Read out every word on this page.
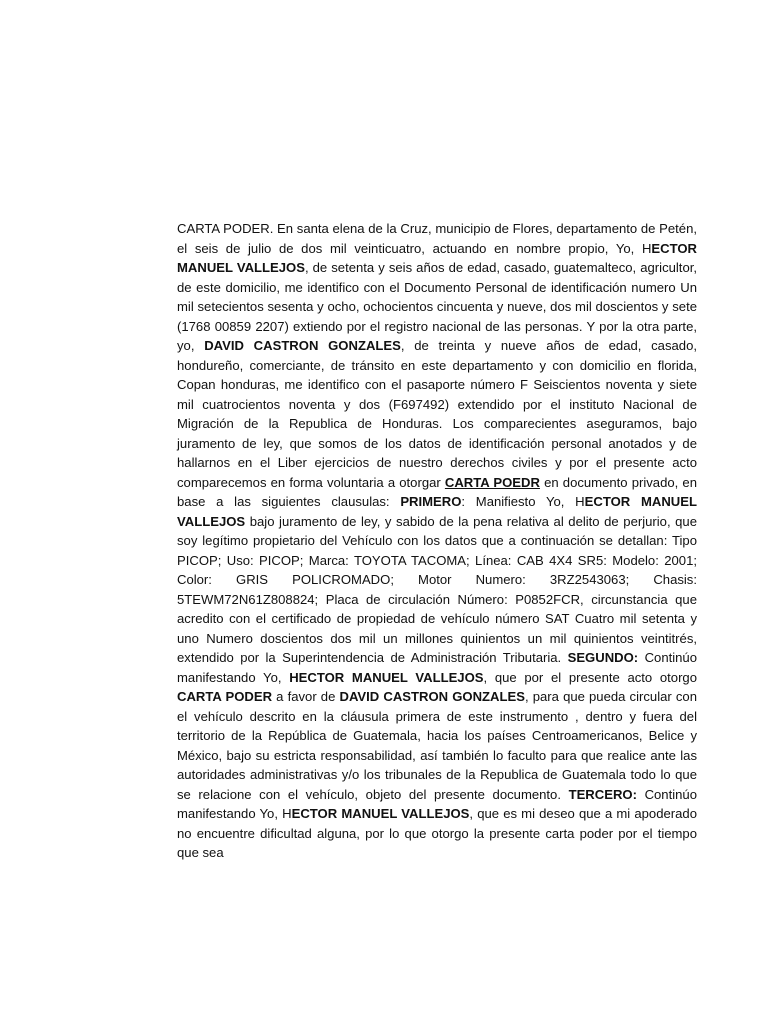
CARTA PODER. En santa elena de la Cruz, municipio de Flores, departamento de Petén, el seis de julio de dos mil veinticuatro, actuando en nombre propio, Yo, HECTOR MANUEL VALLEJOS, de setenta y seis años de edad, casado, guatemalteco, agricultor, de este domicilio, me identifico con el Documento Personal de identificación numero Un mil setecientos sesenta y ocho, ochocientos cincuenta y nueve, dos mil doscientos y sete (1768 00859 2207) extiendo por el registro nacional de las personas. Y por la otra parte, yo, DAVID CASTRON GONZALES, de treinta y nueve años de edad, casado, hondureño, comerciante, de tránsito en este departamento y con domicilio en florida, Copan honduras, me identifico con el pasaporte número F Seiscientos noventa y siete mil cuatrocientos noventa y dos (F697492) extendido por el instituto Nacional de Migración de la Republica de Honduras. Los comparecientes aseguramos, bajo juramento de ley, que somos de los datos de identificación personal anotados y de hallarnos en el Liber ejercicios de nuestro derechos civiles y por el presente acto comparecemos en forma voluntaria a otorgar CARTA POEDR en documento privado, en base a las siguientes clausulas: PRIMERO: Manifiesto Yo, HECTOR MANUEL VALLEJOS bajo juramento de ley, y sabido de la pena relativa al delito de perjurio, que soy legítimo propietario del Vehículo con los datos que a continuación se detallan: Tipo PICOP; Uso: PICOP; Marca: TOYOTA TACOMA; Línea: CAB 4X4 SR5: Modelo: 2001; Color: GRIS POLICROMADO; Motor Numero: 3RZ2543063; Chasis: 5TEWM72N61Z808824; Placa de circulación Número: P0852FCR, circunstancia que acredito con el certificado de propiedad de vehículo número SAT Cuatro mil setenta y uno Numero doscientos dos mil un millones quinientos un mil quinientos veintitrés, extendido por la Superintendencia de Administración Tributaria. SEGUNDO: Continúo manifestando Yo, HECTOR MANUEL VALLEJOS, que por el presente acto otorgo CARTA PODER a favor de DAVID CASTRON GONZALES, para que pueda circular con el vehículo descrito en la cláusula primera de este instrumento , dentro y fuera del territorio de la República de Guatemala, hacia los países Centroamericanos, Belice y México, bajo su estricta responsabilidad, así también lo faculto para que realice ante las autoridades administrativas y/o los tribunales de la Republica de Guatemala todo lo que se relacione con el vehículo, objeto del presente documento. TERCERO: Continúo manifestando Yo, HECTOR MANUEL VALLEJOS, que es mi deseo que a mi apoderado no encuentre dificultad alguna, por lo que otorgo la presente carta poder por el tiempo que sea
